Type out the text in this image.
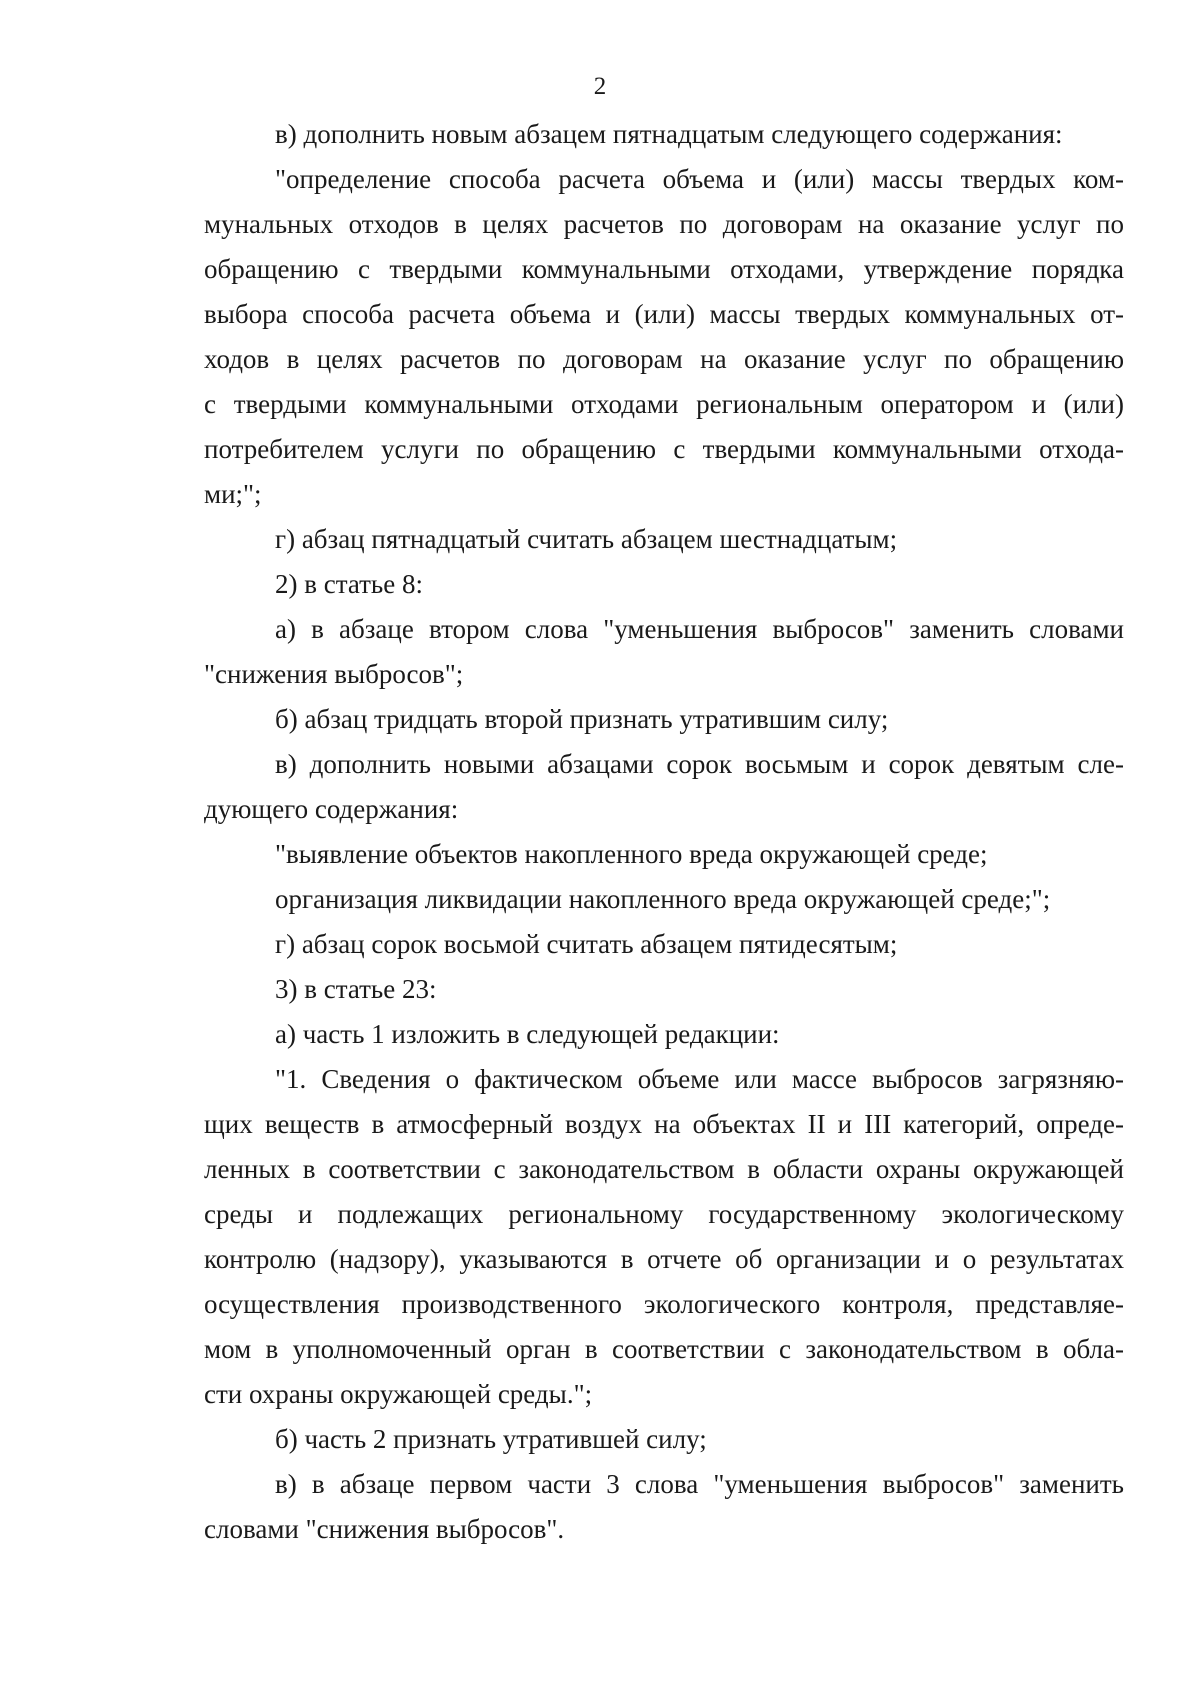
2
в) дополнить новым абзацем пятнадцатым следующего содержания:
"определение способа расчета объема и (или) массы твердых ком-
мунальных отходов в целях расчетов по договорам на оказание услуг по
обращению с твердыми коммунальными отходами, утверждение порядка
выбора способа расчета объема и (или) массы твердых коммунальных от-
ходов в целях расчетов по договорам на оказание услуг по обращению
с твердыми коммунальными отходами региональным оператором и (или)
потребителем услуги по обращению с твердыми коммунальными отхода-
ми;";
г) абзац пятнадцатый считать абзацем шестнадцатым;
2) в статье 8:
а) в абзаце втором слова "уменьшения выбросов" заменить словами
"снижения выбросов";
б) абзац тридцать второй признать утратившим силу;
в) дополнить новыми абзацами сорок восьмым и сорок девятым сле-
дующего содержания:
"выявление объектов накопленного вреда окружающей среде;
организация ликвидации накопленного вреда окружающей среде;";
г) абзац сорок восьмой считать абзацем пятидесятым;
3) в статье 23:
а) часть 1 изложить в следующей редакции:
"1. Сведения о фактическом объеме или массе выбросов загрязняю-
щих веществ в атмосферный воздух на объектах II и III категорий, опреде-
ленных в соответствии с законодательством в области охраны окружающей
среды и подлежащих региональному государственному экологическому
контролю (надзору), указываются в отчете об организации и о результатах
осуществления производственного экологического контроля, представляе-
мом в уполномоченный орган в соответствии с законодательством в обла-
сти охраны окружающей среды.";
б) часть 2 признать утратившей силу;
в) в абзаце первом части 3 слова "уменьшения выбросов" заменить
словами "снижения выбросов".
